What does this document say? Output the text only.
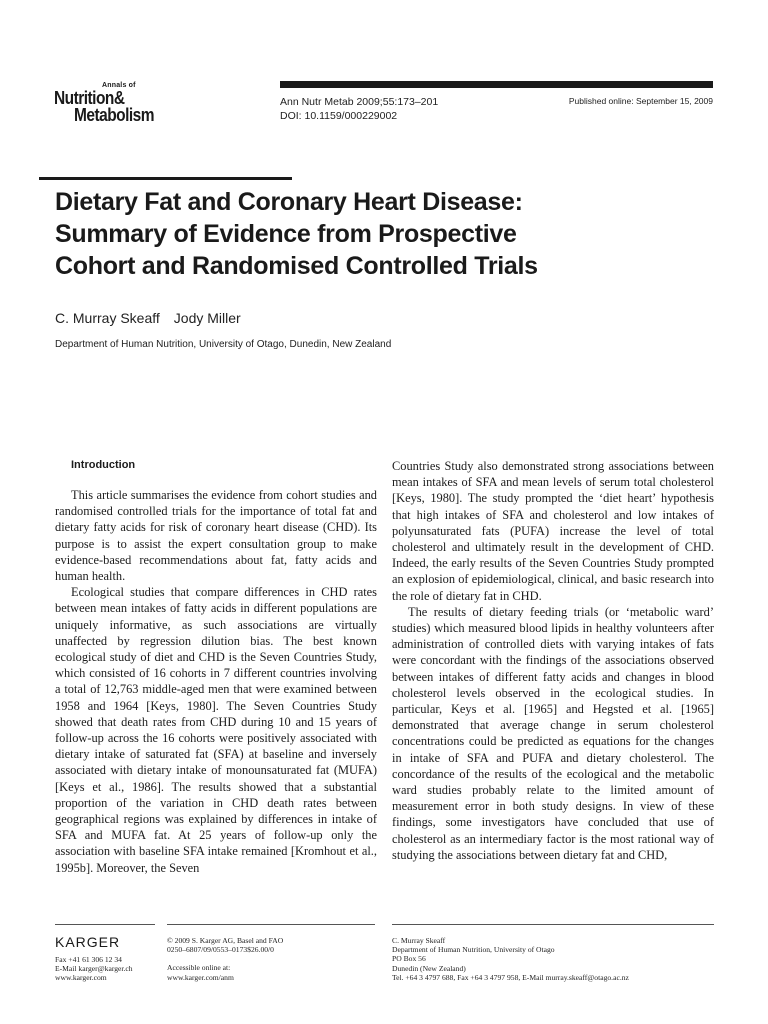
Annals of
Nutrition&
Metabolism
Ann Nutr Metab 2009;55:173–201
DOI: 10.1159/000229002
Published online: September 15, 2009
Dietary Fat and Coronary Heart Disease:
Summary of Evidence from Prospective
Cohort and Randomised Controlled Trials
C. Murray Skeaff Jody Miller
Department of Human Nutrition, University of Otago, Dunedin, New Zealand
Introduction

This article summarises the evidence from cohort studies and randomised controlled trials for the importance of total fat and dietary fatty acids for risk of coronary heart disease (CHD). Its purpose is to assist the expert consultation group to make evidence-based recommendations about fat, fatty acids and human health.

Ecological studies that compare differences in CHD rates between mean intakes of fatty acids in different populations are uniquely informative, as such associations are virtually unaffected by regression dilution bias. The best known ecological study of diet and CHD is the Seven Countries Study, which consisted of 16 cohorts in 7 different countries involving a total of 12,763 middle-aged men that were examined between 1958 and 1964 [Keys, 1980]. The Seven Countries Study showed that death rates from CHD during 10 and 15 years of follow-up across the 16 cohorts were positively associated with dietary intake of saturated fat (SFA) at baseline and inversely associated with dietary intake of monounsaturated fat (MUFA) [Keys et al., 1986]. The results showed that a substantial proportion of the variation in CHD death rates between geographical regions was explained by differences in intake of SFA and MUFA fat. At 25 years of follow-up only the association with baseline SFA intake remained [Kromhout et al., 1995b]. Moreover, the Seven

Countries Study also demonstrated strong associations between mean intakes of SFA and mean levels of serum total cholesterol [Keys, 1980]. The study prompted the ‘diet heart’ hypothesis that high intakes of SFA and cholesterol and low intakes of polyunsaturated fats (PUFA) increase the level of total cholesterol and ultimately result in the development of CHD. Indeed, the early results of the Seven Countries Study prompted an explosion of epidemiological, clinical, and basic research into the role of dietary fat in CHD.

The results of dietary feeding trials (or ‘metabolic ward’ studies) which measured blood lipids in healthy volunteers after administration of controlled diets with varying intakes of fats were concordant with the findings of the associations observed between intakes of different fatty acids and changes in blood cholesterol levels observed in the ecological studies. In particular, Keys et al. [1965] and Hegsted et al. [1965] demonstrated that average change in serum cholesterol concentrations could be predicted as equations for the changes in intake of SFA and PUFA and dietary cholesterol. The concordance of the results of the ecological and the metabolic ward studies probably relate to the limited amount of measurement error in both study designs. In view of these findings, some investigators have concluded that use of cholesterol as an intermediary factor is the most rational way of studying the associations between dietary fat and CHD,

KARGER
Fax +41 61 306 12 34
E-Mail karger@karger.ch
www.karger.com
© 2009 S. Karger AG, Basel and FAO
0250–6807/09/0553–0173$26.00/0
Accessible online at:
www.karger.com/anm
C. Murray Skeaff
Department of Human Nutrition, University of Otago
PO Box 56
Dunedin (New Zealand)
Tel. +64 3 4797 688, Fax +64 3 4797 958, E-Mail murray.skeaff@otago.ac.nz
